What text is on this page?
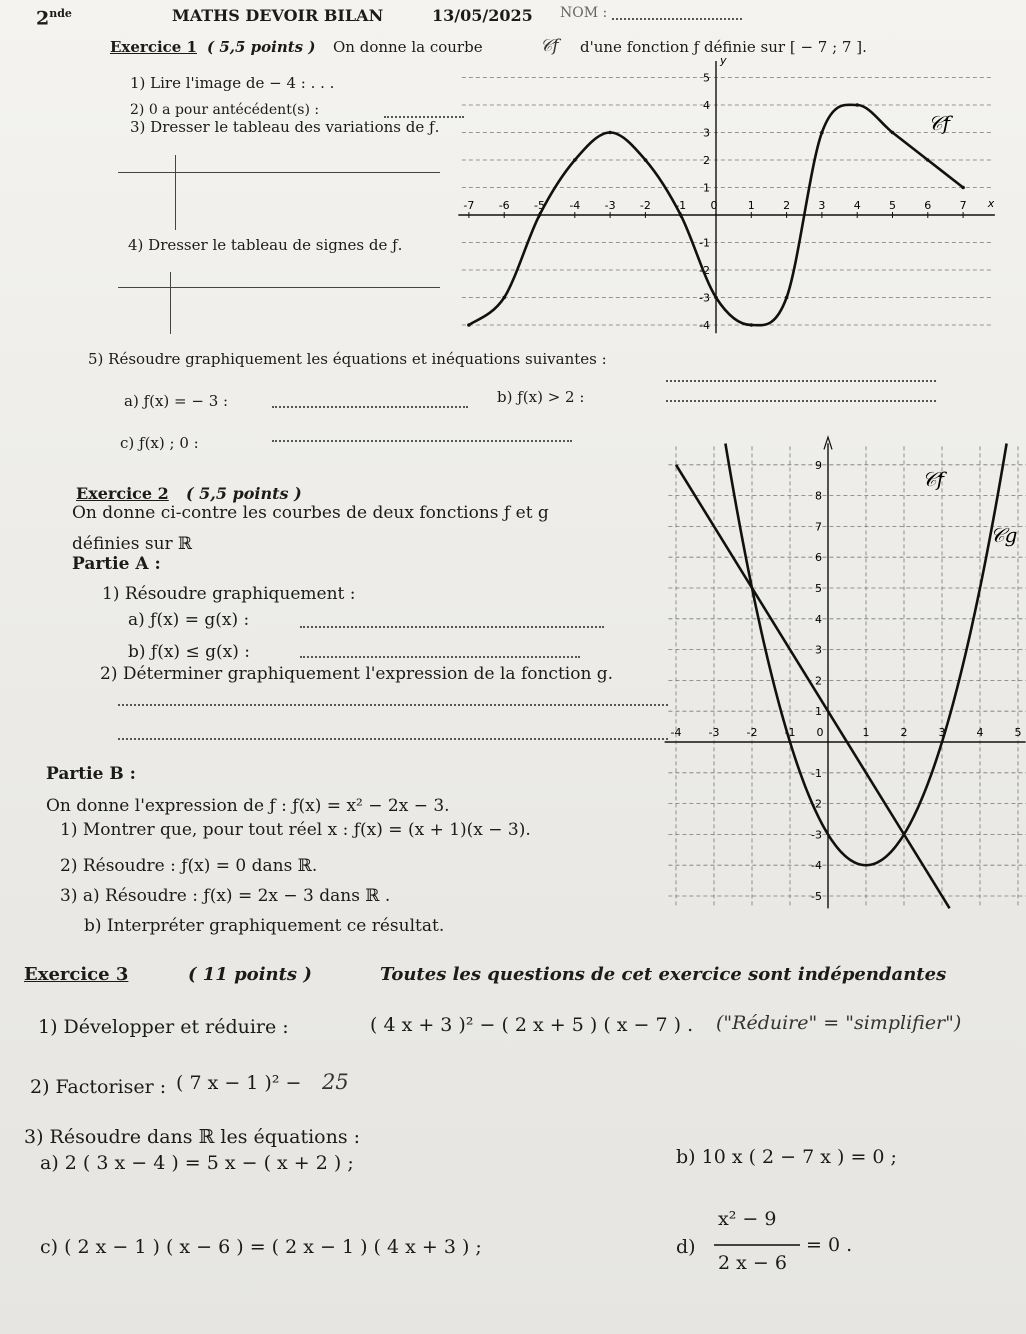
2nde	MATHS DEVOIR BILAN	13/05/2025 NOM :
Exercice 1 ( 5,5 points ) On donne la courbe	𝒞f d'une fonction ƒ définie sur [ − 7 ; 7 ].
1) Lire l'image de − 4 : . . .
2) 0 a pour antécédent(s) :
3) Dresser le tableau des variations de ƒ.
4) Dresser le tableau de signes de ƒ.
-7 -6 -5 -4 -3 -2 -1 0	1	2	3	4	5	6	7
5
4
3
2
1
-1
-2
-3
-4
x
y
𝒞f
5) Résoudre graphiquement les équations et inéquations suivantes :
a) ƒ(x) = − 3 :	b) ƒ(x) > 2 :
c) ƒ(x) ; 0 :
Exercice 2 ( 5,5 points )
On donne ci-contre les courbes de deux fonctions ƒ et g
définies sur ℝ
Partie A :
1) Résoudre graphiquement :
a) ƒ(x) = g(x) :
b) ƒ(x) ≤ g(x) :
2) Déterminer graphiquement l'expression de la fonction g.
Partie B :
On donne l'expression de ƒ : ƒ(x) = x² − 2x − 3.
1) Montrer que, pour tout réel x : ƒ(x) = (x + 1)(x − 3).
2) Résoudre : ƒ(x) = 0 dans ℝ.
3) a) Résoudre : ƒ(x) = 2x − 3 dans ℝ .
b) Interpréter graphiquement ce résultat.
-4 -3 -2 -1 0	1	2	3	4	5
9
8
7
6
5
4
3
2
1
-1
-2
-3
-4
-5
𝒞f
𝒞g
Exercice 3	( 11 points )	Toutes les questions de cet exercice sont indépendantes
1) Développer et réduire :	( 4 x + 3 )² − ( 2 x + 5 ) ( x − 7 ) . ("Réduire" = "simplifier")
2) Factoriser : ( 7 x − 1 )² − 25
3) Résoudre dans ℝ les équations :
a) 2 ( 3 x − 4 ) = 5 x − ( x + 2 ) ;	b) 10 x ( 2 − 7 x ) = 0 ;
c) ( 2 x − 1 ) ( x − 6 ) = ( 2 x − 1 ) ( 4 x + 3 ) ;	d)
x² − 9
2 x − 6
= 0 .
